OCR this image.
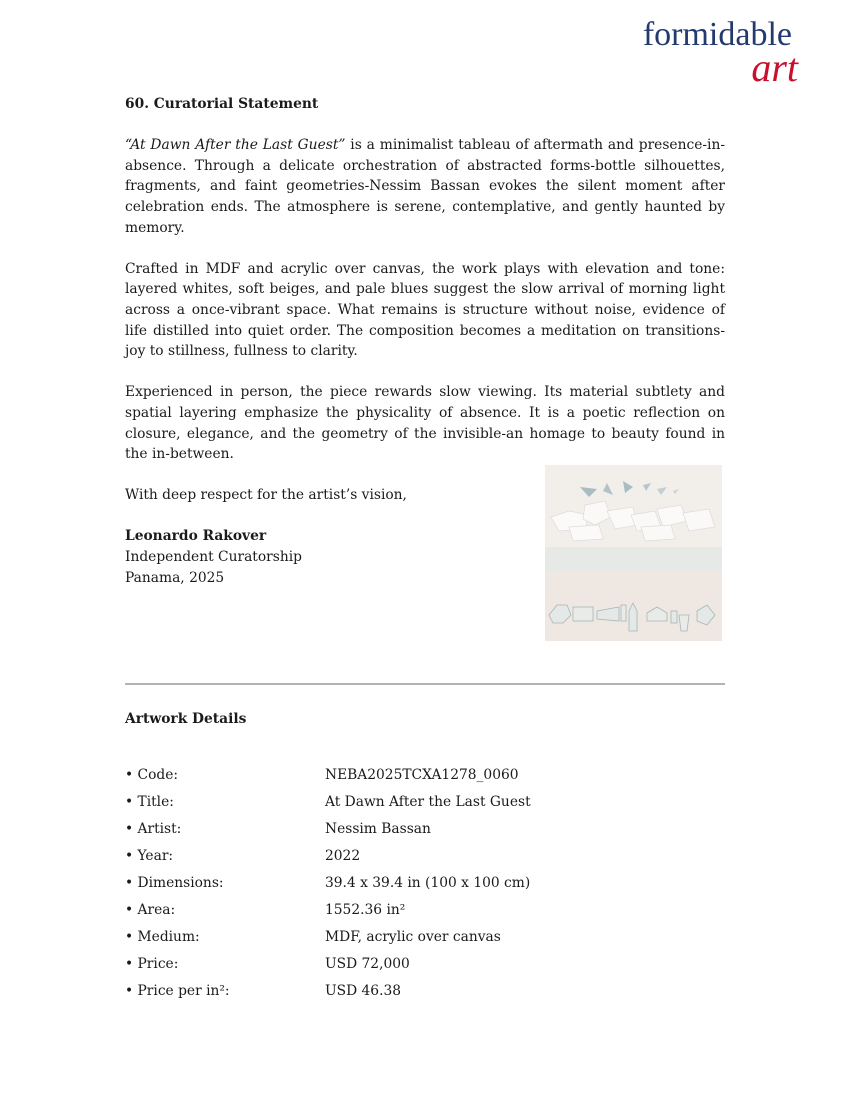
formidable
art

60. Curatorial Statement

“At Dawn After the Last Guest” is a minimalist tableau of aftermath and presence-in-absence. Through a delicate orchestration of abstracted forms-bottle silhouettes, fragments, and faint geometries-Nessim Bassan evokes the silent moment after celebration ends. The atmosphere is serene, contemplative, and gently haunted by memory.

Crafted in MDF and acrylic over canvas, the work plays with elevation and tone: layered whites, soft beiges, and pale blues suggest the slow arrival of morning light across a once-vibrant space. What remains is structure without noise, evidence of life distilled into quiet order. The composition becomes a meditation on transitions-joy to stillness, fullness to clarity.

Experienced in person, the piece rewards slow viewing. Its material subtlety and spatial layering emphasize the physicality of absence. It is a poetic reflection on closure, elegance, and the geometry of the invisible-an homage to beauty found in the in-between.

With deep respect for the artist’s vision,

Leonardo Rakover

Independent Curatorship

Panama, 2025

Artwork Details
• Code:	NEBA2025TCXA1278_0060
• Title:	At Dawn After the Last Guest
• Artist:	Nessim Bassan
• Year:	2022
• Dimensions:	39.4 x 39.4 in (100 x 100 cm)
• Area:	1552.36 in²
• Medium:	MDF, acrylic over canvas
• Price:	USD 72,000
• Price per in²:	USD 46.38
